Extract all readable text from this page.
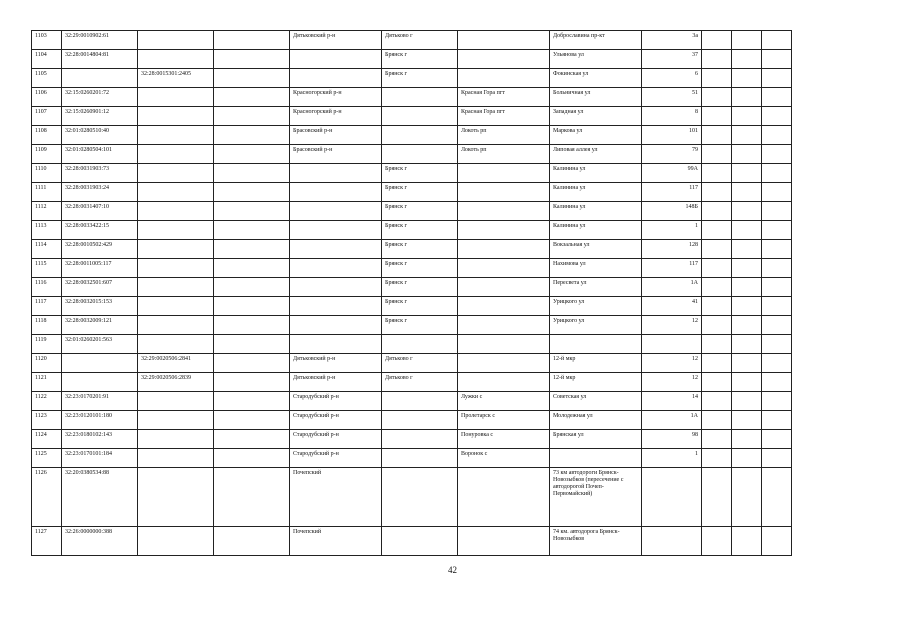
1103	32:29:0010902:61			Дятьковский р-н	Дятьково г		Доброславина пр-кт	3а			
1104	32:28:0014804:81				Брянск г		Ульянова ул	37			
1105		32:28:0015301:2405			Брянск г		Фокинская ул	6			
1106	32:15:0260201:72			Красногорский р-н		Красная Гора пгт	Больничная ул	51			
1107	32:15:0260901:12			Красногорский р-н		Красная Гора пгт	Западная ул	8			
1108	32:01:0280510:40			Брасовский р-н		Локоть рп	Маркова ул	101			
1109	32:01:0280504:101			Брасовский р-н		Локоть рп	Липовая аллея ул	79			
1110	32:28:0031903:73				Брянск г		Калинина ул	99А			
1111	32:28:0031903:24				Брянск г		Калинина ул	117			
1112	32:28:0031407:10				Брянск г		Калинина ул	148Б			
1113	32:28:0033422:15				Брянск г		Калинина ул	1			
1114	32:28:0010502:429				Брянск г		Вокзальная ул	128			
1115	32:28:0011005:117				Брянск г		Нахимова ул	117			
1116	32:28:0032501:607				Брянск г		Пересвета ул	1А			
1117	32:28:0032015:153				Брянск г		Урицкого ул	41			
1118	32:28:0032009:121				Брянск г		Урицкого ул	12			
1119	32:01:0260201:563										
1120		32:29:0020506:2841		Дятьковский р-н	Дятьково г		12-й мкр	12			
1121		32:29:0020506:2839		Дятьковский р-н	Дятьково г		12-й мкр	12			
1122	32:23:0170201:91			Стародубский р-н		Лужки с	Советская ул	14			
1123	32:23:0120101:180			Стародубский р-н		Пролетарск с	Молодежная ул	1А			
1124	32:23:0180102:143			Стародубский р-н		Понуровка с	Брянская ул	98			
1125	32:23:0170101:184			Стародубский р-н		Воронок с		1			
1126	32:20:0380534:88			Почепский			73 км автодороги Брянск-Новозыбков (пересечение с автодорогой Почеп-Первомайский)				
1127	32:26:0000000:388			Почепский			74 км. автодорога Брянск-Новозыбков				
42
